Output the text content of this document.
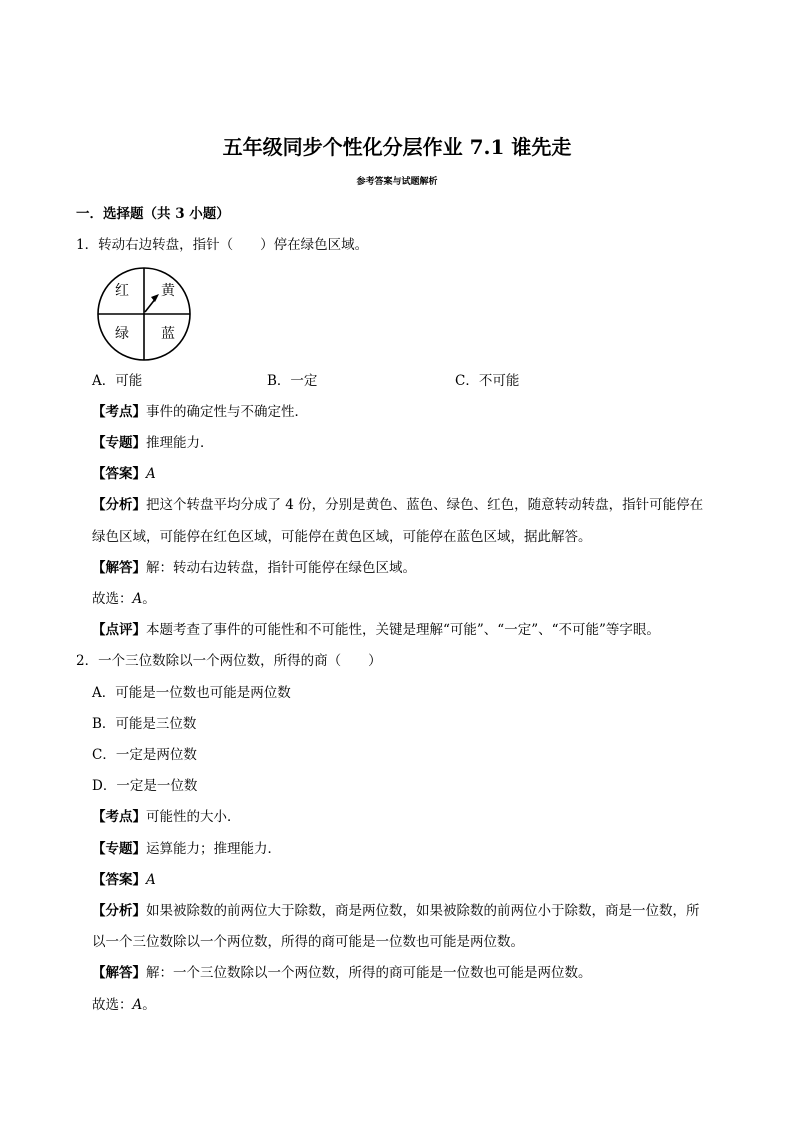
五年级同步个性化分层作业 7.1 谁先走
参考答案与试题解析
一．选择题（共 3 小题）
1．转动右边转盘，指针（　　）停在绿色区域。
红 黄
绿 蓝
A．可能	B．一定	C．不可能
【考点】事件的确定性与不确定性．
【专题】推理能力．
【答案】A
【分析】把这个转盘平均分成了 4 份，分别是黄色、蓝色、绿色、红色，随意转动转盘，指针可能停在
绿色区域，可能停在红色区域，可能停在黄色区域，可能停在蓝色区域，据此解答。
【解答】解：转动右边转盘，指针可能停在绿色区域。
故选：A。
【点评】本题考查了事件的可能性和不可能性，关键是理解“可能”、“一定”、“不可能”等字眼。
2．一个三位数除以一个两位数，所得的商（　　）
A．可能是一位数也可能是两位数
B．可能是三位数
C．一定是两位数
D．一定是一位数
【考点】可能性的大小．
【专题】运算能力；推理能力．
【答案】A
【分析】如果被除数的前两位大于除数，商是两位数，如果被除数的前两位小于除数，商是一位数，所
以一个三位数除以一个两位数，所得的商可能是一位数也可能是两位数。
【解答】解：一个三位数除以一个两位数，所得的商可能是一位数也可能是两位数。
故选：A。
